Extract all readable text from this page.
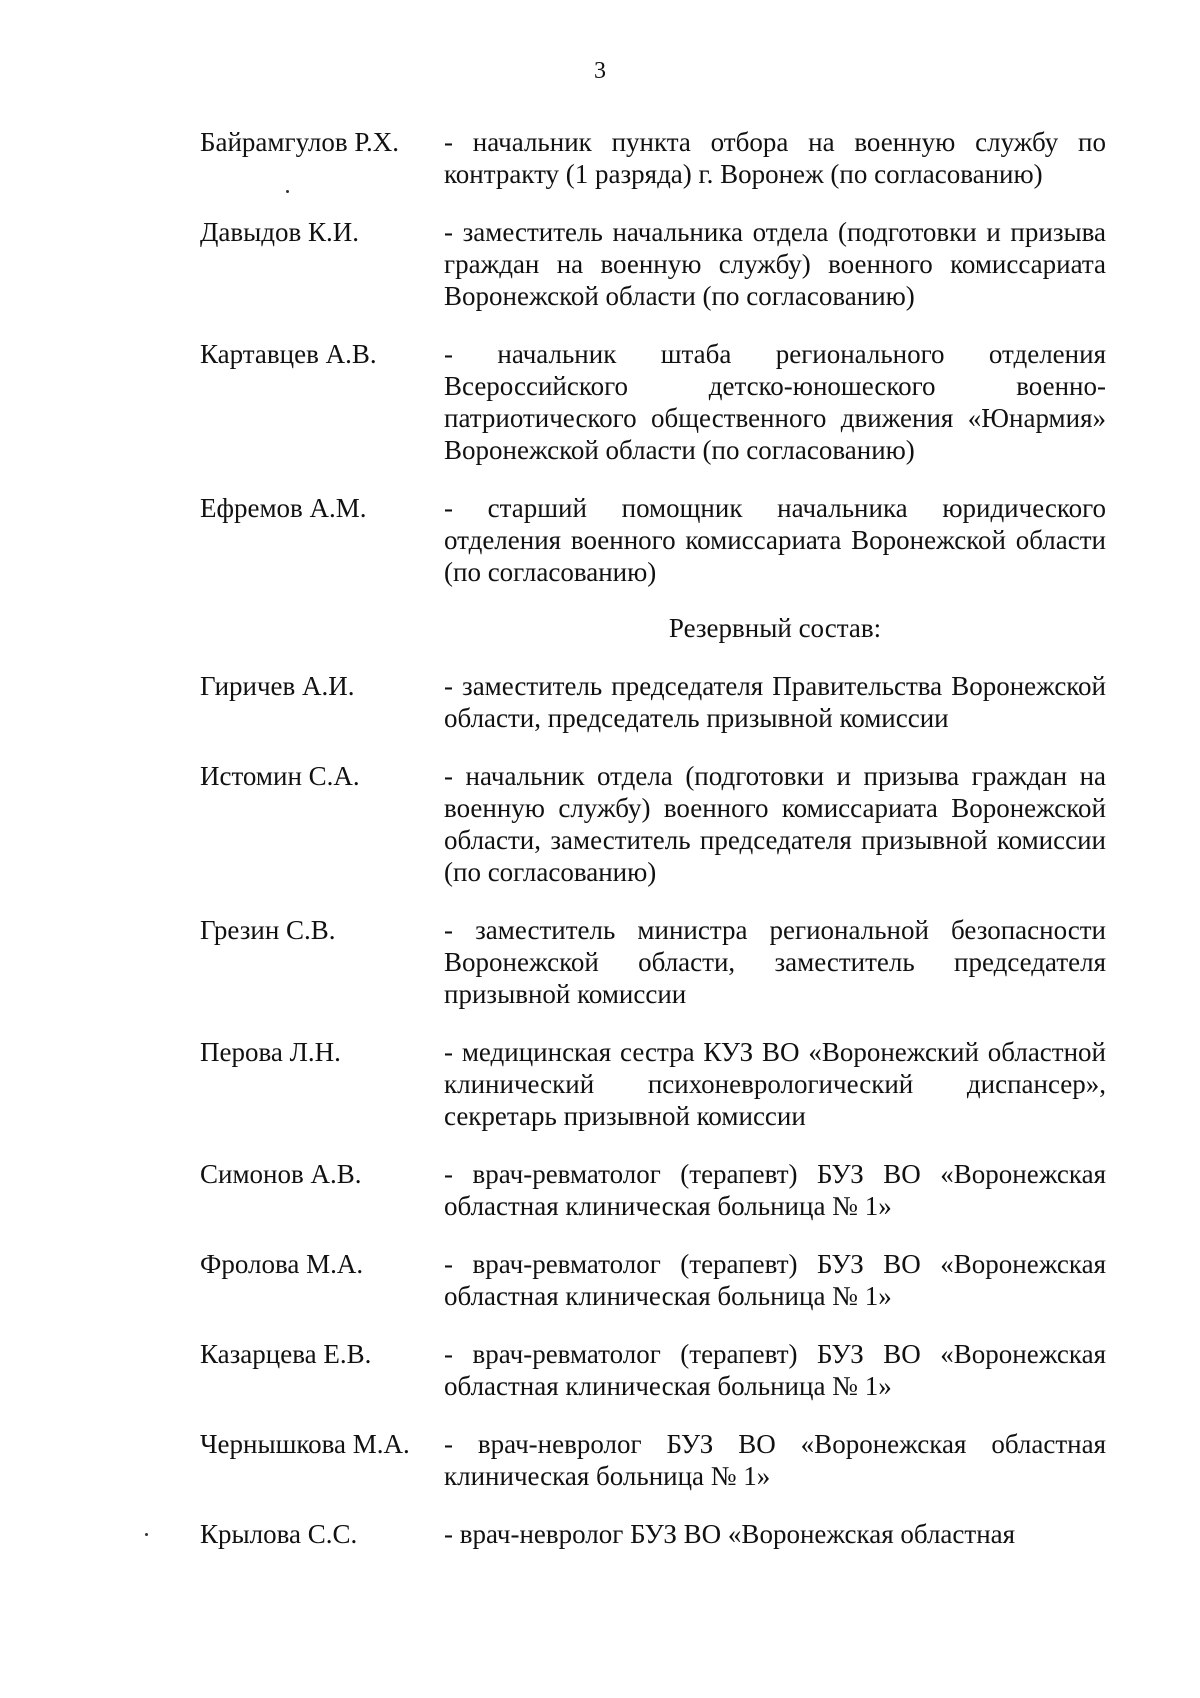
3
Байрамгулов Р.Х.	- начальник пункта отбора на военную службу по контракту (1 разряда) г. Воронеж (по согласованию)
Давыдов К.И.	- заместитель начальника отдела (подготовки и призыва граждан на военную службу) военного комиссариата Воронежской области (по согласованию)
Картавцев А.В.	- начальник штаба регионального отделения Всероссийского детско-юношеского военно-патриотического общественного движения «Юнармия» Воронежской области (по согласованию)
Ефремов А.М.	- старший помощник начальника юридического отделения военного комиссариата Воронежской области (по согласованию)
Резервный состав:
Гиричев А.И.	- заместитель председателя Правительства Воронежской области, председатель призывной комиссии
Истомин С.А.	- начальник отдела (подготовки и призыва граждан на военную службу) военного комиссариата Воронежской области, заместитель председателя призывной комиссии (по согласованию)
Грезин С.В.	- заместитель министра региональной безопасности Воронежской области, заместитель председателя призывной комиссии
Перова Л.Н.	- медицинская сестра КУЗ ВО «Воронежский областной клинический психоневрологический диспансер», секретарь призывной комиссии
Симонов А.В.	- врач-ревматолог (терапевт) БУЗ ВО «Воронежская областная клиническая больница № 1»
Фролова М.А.	- врач-ревматолог (терапевт) БУЗ ВО «Воронежская областная клиническая больница № 1»
Казарцева Е.В.	- врач-ревматолог (терапевт) БУЗ ВО «Воронежская областная клиническая больница № 1»
Чернышкова М.А.	- врач-невролог БУЗ ВО «Воронежская областная клиническая больница № 1»
Крылова С.С.	- врач-невролог БУЗ ВО «Воронежская областная
